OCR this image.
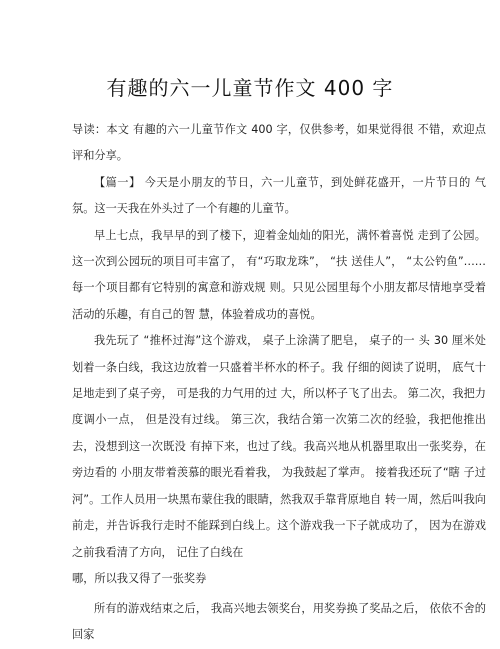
有趣的六一儿童节作文 400 字

导读：本文 有趣的六一儿童节作文 400 字，仅供参考，如果觉得很 不错，欢迎点评和分享。

【篇一】 今天是小朋友的节日，六一儿童节，到处鲜花盛开，一片节日的 气氛。这一天我在外头过了一个有趣的儿童节。

早上七点，我早早的到了楼下，迎着金灿灿的阳光，满怀着喜悦 走到了公园。这一次到公园玩的项目可丰富了， 有“巧取龙珠”， “扶 送佳人”， “太公钓鱼”……每一个项目都有它特别的寓意和游戏规 则。只见公园里每个小朋友都尽情地享受着活动的乐趣，有自己的智 慧，体验着成功的喜悦。

我先玩了 “推杯过海”这个游戏， 桌子上涂满了肥皂， 桌子的一 头 30 厘米处划着一条白线，我这边放着一只盛着半杯水的杯子。我 仔细的阅读了说明， 底气十足地走到了桌子旁， 可是我的力气用的过 大，所以杯子飞了出去。 第二次，我把力度调小一点， 但是没有过线。 第三次，我结合第一次第二次的经验，我把他推出去，没想到这一次既没 有掉下来，也过了线。我高兴地从机器里取出一张奖券，在旁边看的 小朋友带着羡慕的眼光看着我， 为我鼓起了掌声。 接着我还玩了“瞎 子过河”。工作人员用一块黑布蒙住我的眼睛，然我双手靠背原地自 转一周，然后叫我向前走，并告诉我行走时不能踩到白线上。这个游戏我一下子就成功了， 因为在游戏之前我看清了方向， 记住了白线在

哪，所以我又得了一张奖券

所有的游戏结束之后， 我高兴地去领奖台，用奖券换了奖品之后， 依依不舍的回家
